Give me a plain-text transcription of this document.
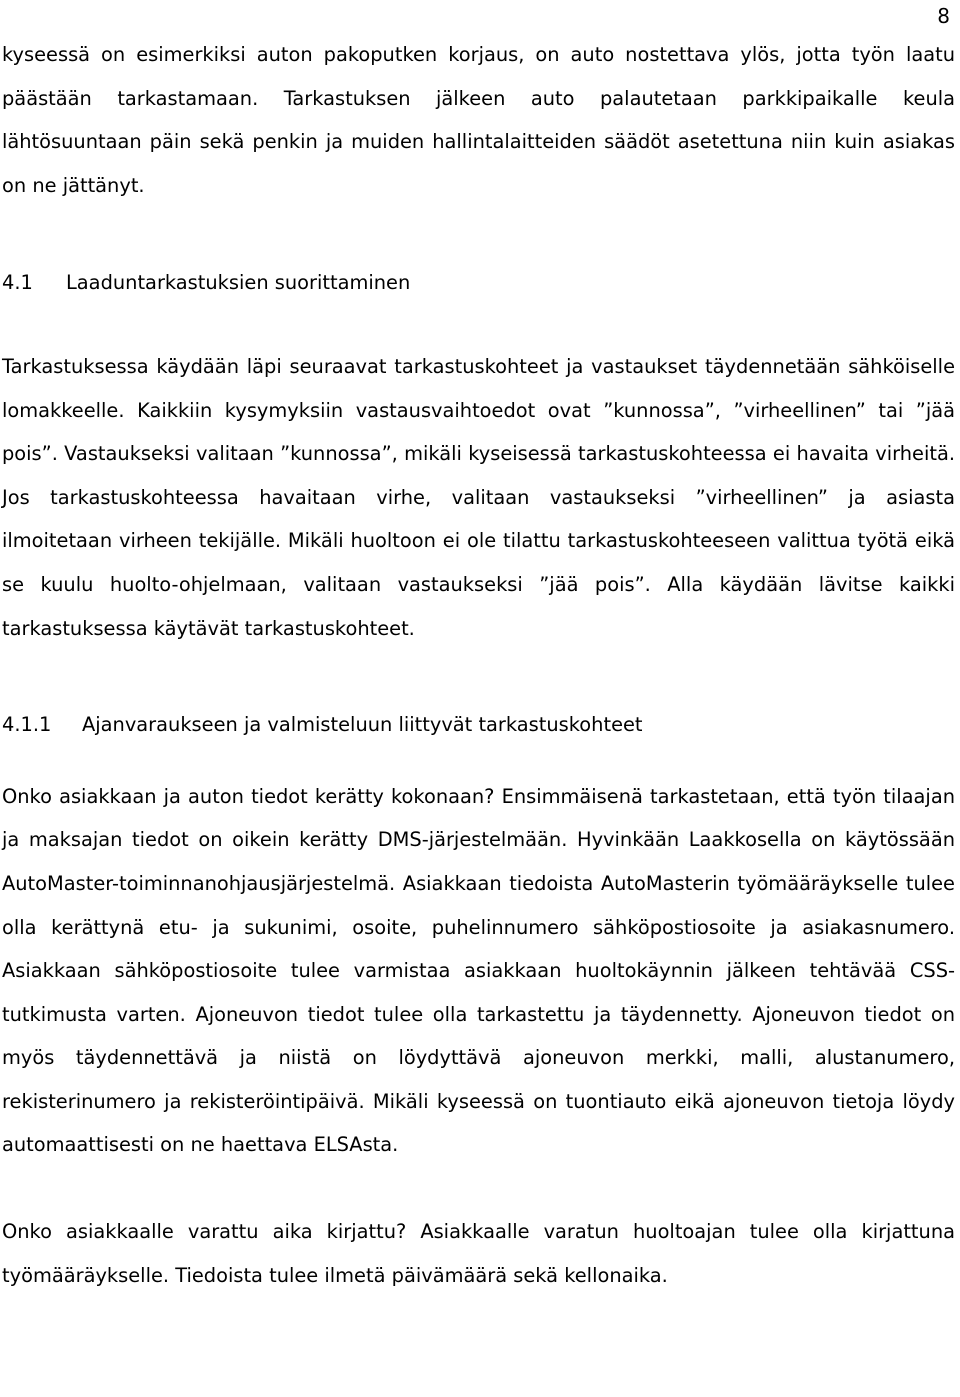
8

kyseessä on esimerkiksi auton pakoputken korjaus, on auto nostettava ylös, jotta työn laatu päästään tarkastamaan. Tarkastuksen jälkeen auto palautetaan parkkipaikalle keula lähtösuuntaan päin sekä penkin ja muiden hallintalaitteiden säädöt asetettuna niin kuin asiakas on ne jättänyt.

4.1 Laaduntarkastuksien suorittaminen

Tarkastuksessa käydään läpi seuraavat tarkastuskohteet ja vastaukset täydennetään sähköiselle lomakkeelle. Kaikkiin kysymyksiin vastausvaihtoedot ovat ”kunnossa”, ”virheellinen” tai ”jää pois”. Vastaukseksi valitaan ”kunnossa”, mikäli kyseisessä tarkastuskohteessa ei havaita virheitä. Jos tarkastuskohteessa havaitaan virhe, valitaan vastaukseksi ”virheellinen” ja asiasta ilmoitetaan virheen tekijälle. Mikäli huoltoon ei ole tilattu tarkastuskohteeseen valittua työtä eikä se kuulu huolto-ohjelmaan, valitaan vastaukseksi ”jää pois”. Alla käydään lävitse kaikki tarkastuksessa käytävät tarkastuskohteet.

4.1.1 Ajanvaraukseen ja valmisteluun liittyvät tarkastuskohteet

Onko asiakkaan ja auton tiedot kerätty kokonaan? Ensimmäisenä tarkastetaan, että työn tilaajan ja maksajan tiedot on oikein kerätty DMS-järjestelmään. Hyvinkään Laakkosella on käytössään AutoMaster-toiminnanohjausjärjestelmä. Asiakkaan tiedoista AutoMasterin työmääräykselle tulee olla kerättynä etu- ja sukunimi, osoite, puhelinnumero sähköpostiosoite ja asiakasnumero. Asiakkaan sähköpostiosoite tulee varmistaa asiakkaan huoltokäynnin jälkeen tehtävää CSS-tutkimusta varten. Ajoneuvon tiedot tulee olla tarkastettu ja täydennetty. Ajoneuvon tiedot on myös täydennettävä ja niistä on löydyttävä ajoneuvon merkki, malli, alustanumero, rekisterinumero ja rekisteröintipäivä. Mikäli kyseessä on tuontiauto eikä ajoneuvon tietoja löydy automaattisesti on ne haettava ELSAsta.

Onko asiakkaalle varattu aika kirjattu? Asiakkaalle varatun huoltoajan tulee olla kirjattuna työmääräykselle. Tiedoista tulee ilmetä päivämäärä sekä kellonaika.
